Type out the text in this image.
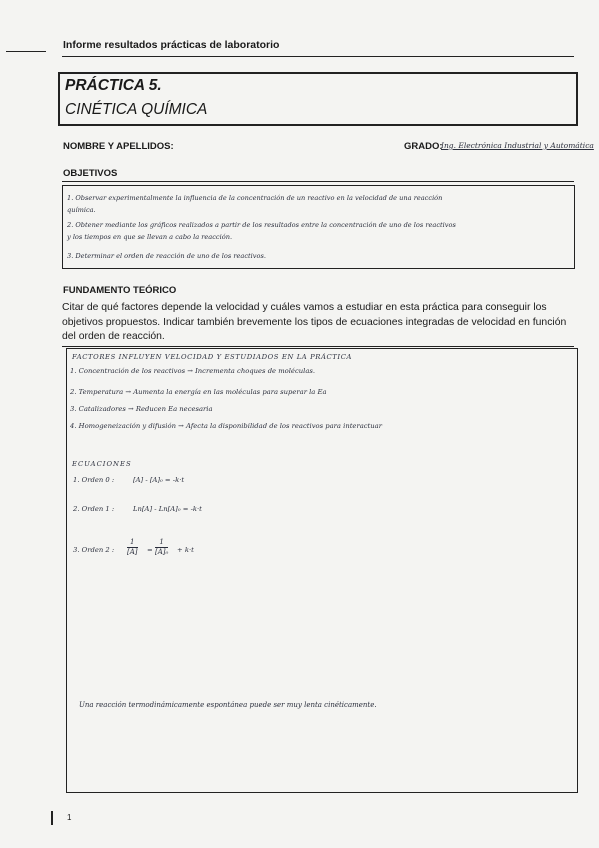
Informe resultados prácticas de laboratorio
PRÁCTICA 5.
CINÉTICA QUÍMICA
NOMBRE Y APELLIDOS:	GRADO:
Ing. Electrónica Industrial y Automática
OBJETIVOS
1. Observar experimentalmente la influencia de la concentración de un reactivo en la velocidad de una reacción
química.
2. Obtener mediante los gráficos realizados a partir de los resultados entre la concentración de uno de los reactivos
y los tiempos en que se llevan a cabo la reacción.
3. Determinar el orden de reacción de uno de los reactivos.
FUNDAMENTO TEÓRICO
Citar de qué factores depende la velocidad y cuáles vamos a estudiar en esta práctica para conseguir los objetivos propuestos. Indicar también brevemente los tipos de ecuaciones integradas de velocidad en función del orden de reacción.
FACTORES INFLUYEN VELOCIDAD Y ESTUDIADOS EN LA PRÁCTICA
1. Concentración de los reactivos → Incrementa choques de moléculas.
2. Temperatura → Aumenta la energía en las moléculas para superar la Ea
3. Catalizadores → Reducen Ea necesaria
4. Homogeneización y difusión → Afecta la disponibilidad de los reactivos para interactuar
ECUACIONES
1. Orden 0 :	[A] - [A]₀ = -k·t
2. Orden 1 :	Ln[A] - Ln[A]₀ = -k·t
3. Orden 2 : $\frac{1}{[A]} = \frac{1}{\text{[A]₀}} + k\cdot t$
Una reacción termodinámicamente espontánea puede ser muy lenta cinéticamente.
1
